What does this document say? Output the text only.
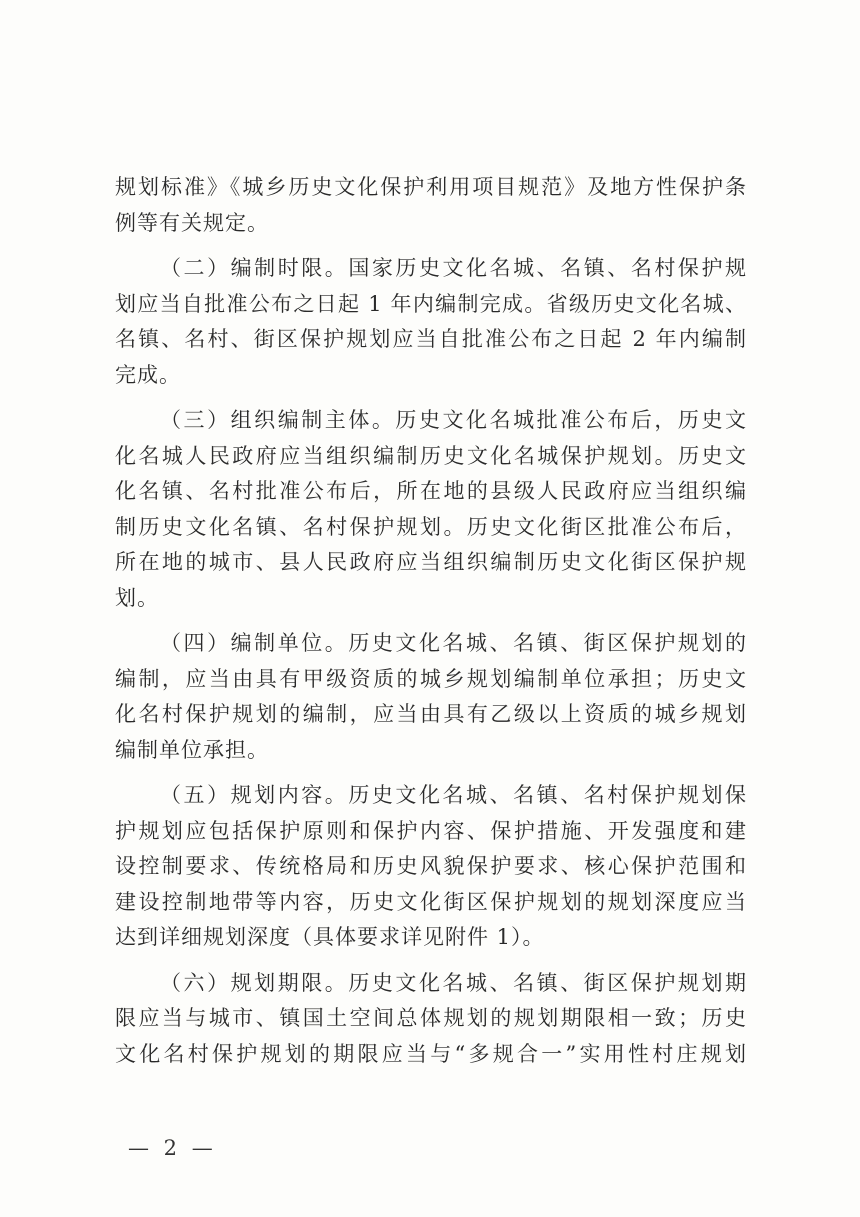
规划标准》《城乡历史文化保护利用项目规范》及地方性保护条
例等有关规定。
（二）编制时限。国家历史文化名城、名镇、名村保护规
划应当自批准公布之日起 1 年内编制完成。省级历史文化名城、
名镇、名村、街区保护规划应当自批准公布之日起 2 年内编制
完成。
（三）组织编制主体。历史文化名城批准公布后，历史文
化名城人民政府应当组织编制历史文化名城保护规划。历史文
化名镇、名村批准公布后，所在地的县级人民政府应当组织编
制历史文化名镇、名村保护规划。历史文化街区批准公布后，
所在地的城市、县人民政府应当组织编制历史文化街区保护规
划。
（四）编制单位。历史文化名城、名镇、街区保护规划的
编制，应当由具有甲级资质的城乡规划编制单位承担；历史文
化名村保护规划的编制，应当由具有乙级以上资质的城乡规划
编制单位承担。
（五）规划内容。历史文化名城、名镇、名村保护规划保
护规划应包括保护原则和保护内容、保护措施、开发强度和建
设控制要求、传统格局和历史风貌保护要求、核心保护范围和
建设控制地带等内容，历史文化街区保护规划的规划深度应当
达到详细规划深度（具体要求详见附件 1）。
（六）规划期限。历史文化名城、名镇、街区保护规划期
限应当与城市、镇国土空间总体规划的规划期限相一致；历史
文化名村保护规划的期限应当与“多规合一”实用性村庄规划
— 2 —
